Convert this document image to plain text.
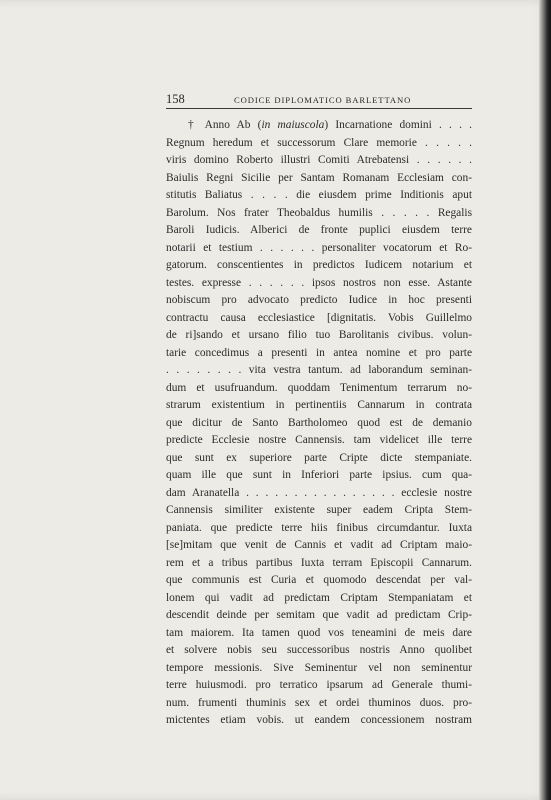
158	CODICE DIPLOMATICO BARLETTANO
† Anno Ab (in maiuscola) Incarnatione domini . . . .
Regnum heredum et successorum Clare memorie . . . . .
viris domino Roberto illustri Comiti Atrebatensi . . . . . .
Baiulis Regni Sicilie per Santam Romanam Ecclesiam con-
stitutis Baliatus . . . . die eiusdem prime Inditionis aput
Barolum. Nos frater Theobaldus humilis . . . . . Regalis
Baroli Iudicis. Alberici de fronte puplici eiusdem terre
notarii et testium . . . . . . personaliter vocatorum et Ro-
gatorum. conscentientes in predictos Iudicem notarium et
testes. expresse . . . . . . ipsos nostros non esse. Astante
nobiscum pro advocato predicto Iudice in hoc presenti
contractu causa ecclesiastice [dignitatis. Vobis Guillelmo
de ri]sando et ursano filio tuo Barolitanis civibus. volun-
tarie concedimus a presenti in antea nomine et pro parte
. . . . . . . . vita vestra tantum. ad laborandum seminan-
dum et usufruandum. quoddam Tenimentum terrarum no-
strarum existentium in pertinentiis Cannarum in contrata
que dicitur de Santo Bartholomeo quod est de demanio
predicte Ecclesie nostre Cannensis. tam videlicet ille terre
que sunt ex superiore parte Cripte dicte stempaniate.
quam ille que sunt in Inferiori parte ipsius. cum qua-
dam Aranatella . . . . . . . . . . . . . . . . ecclesie nostre
Cannensis similiter existente super eadem Cripta Stem-
paniata. que predicte terre hiis finibus circumdantur. Iuxta
[se]mitam que venit de Cannis et vadit ad Criptam maio-
rem et a tribus partibus Iuxta terram Episcopii Cannarum.
que communis est Curia et quomodo descendat per val-
lonem qui vadit ad predictam Criptam Stempaniatam et
descendit deinde per semitam que vadit ad predictam Crip-
tam maiorem. Ita tamen quod vos teneamini de meis dare
et solvere nobis seu successoribus nostris Anno quolibet
tempore messionis. Sive Seminentur vel non seminentur
terre huiusmodi. pro terratico ipsarum ad Generale thumi-
num. frumenti thuminis sex et ordei thuminos duos. pro-
mictentes etiam vobis. ut eandem concessionem nostram
